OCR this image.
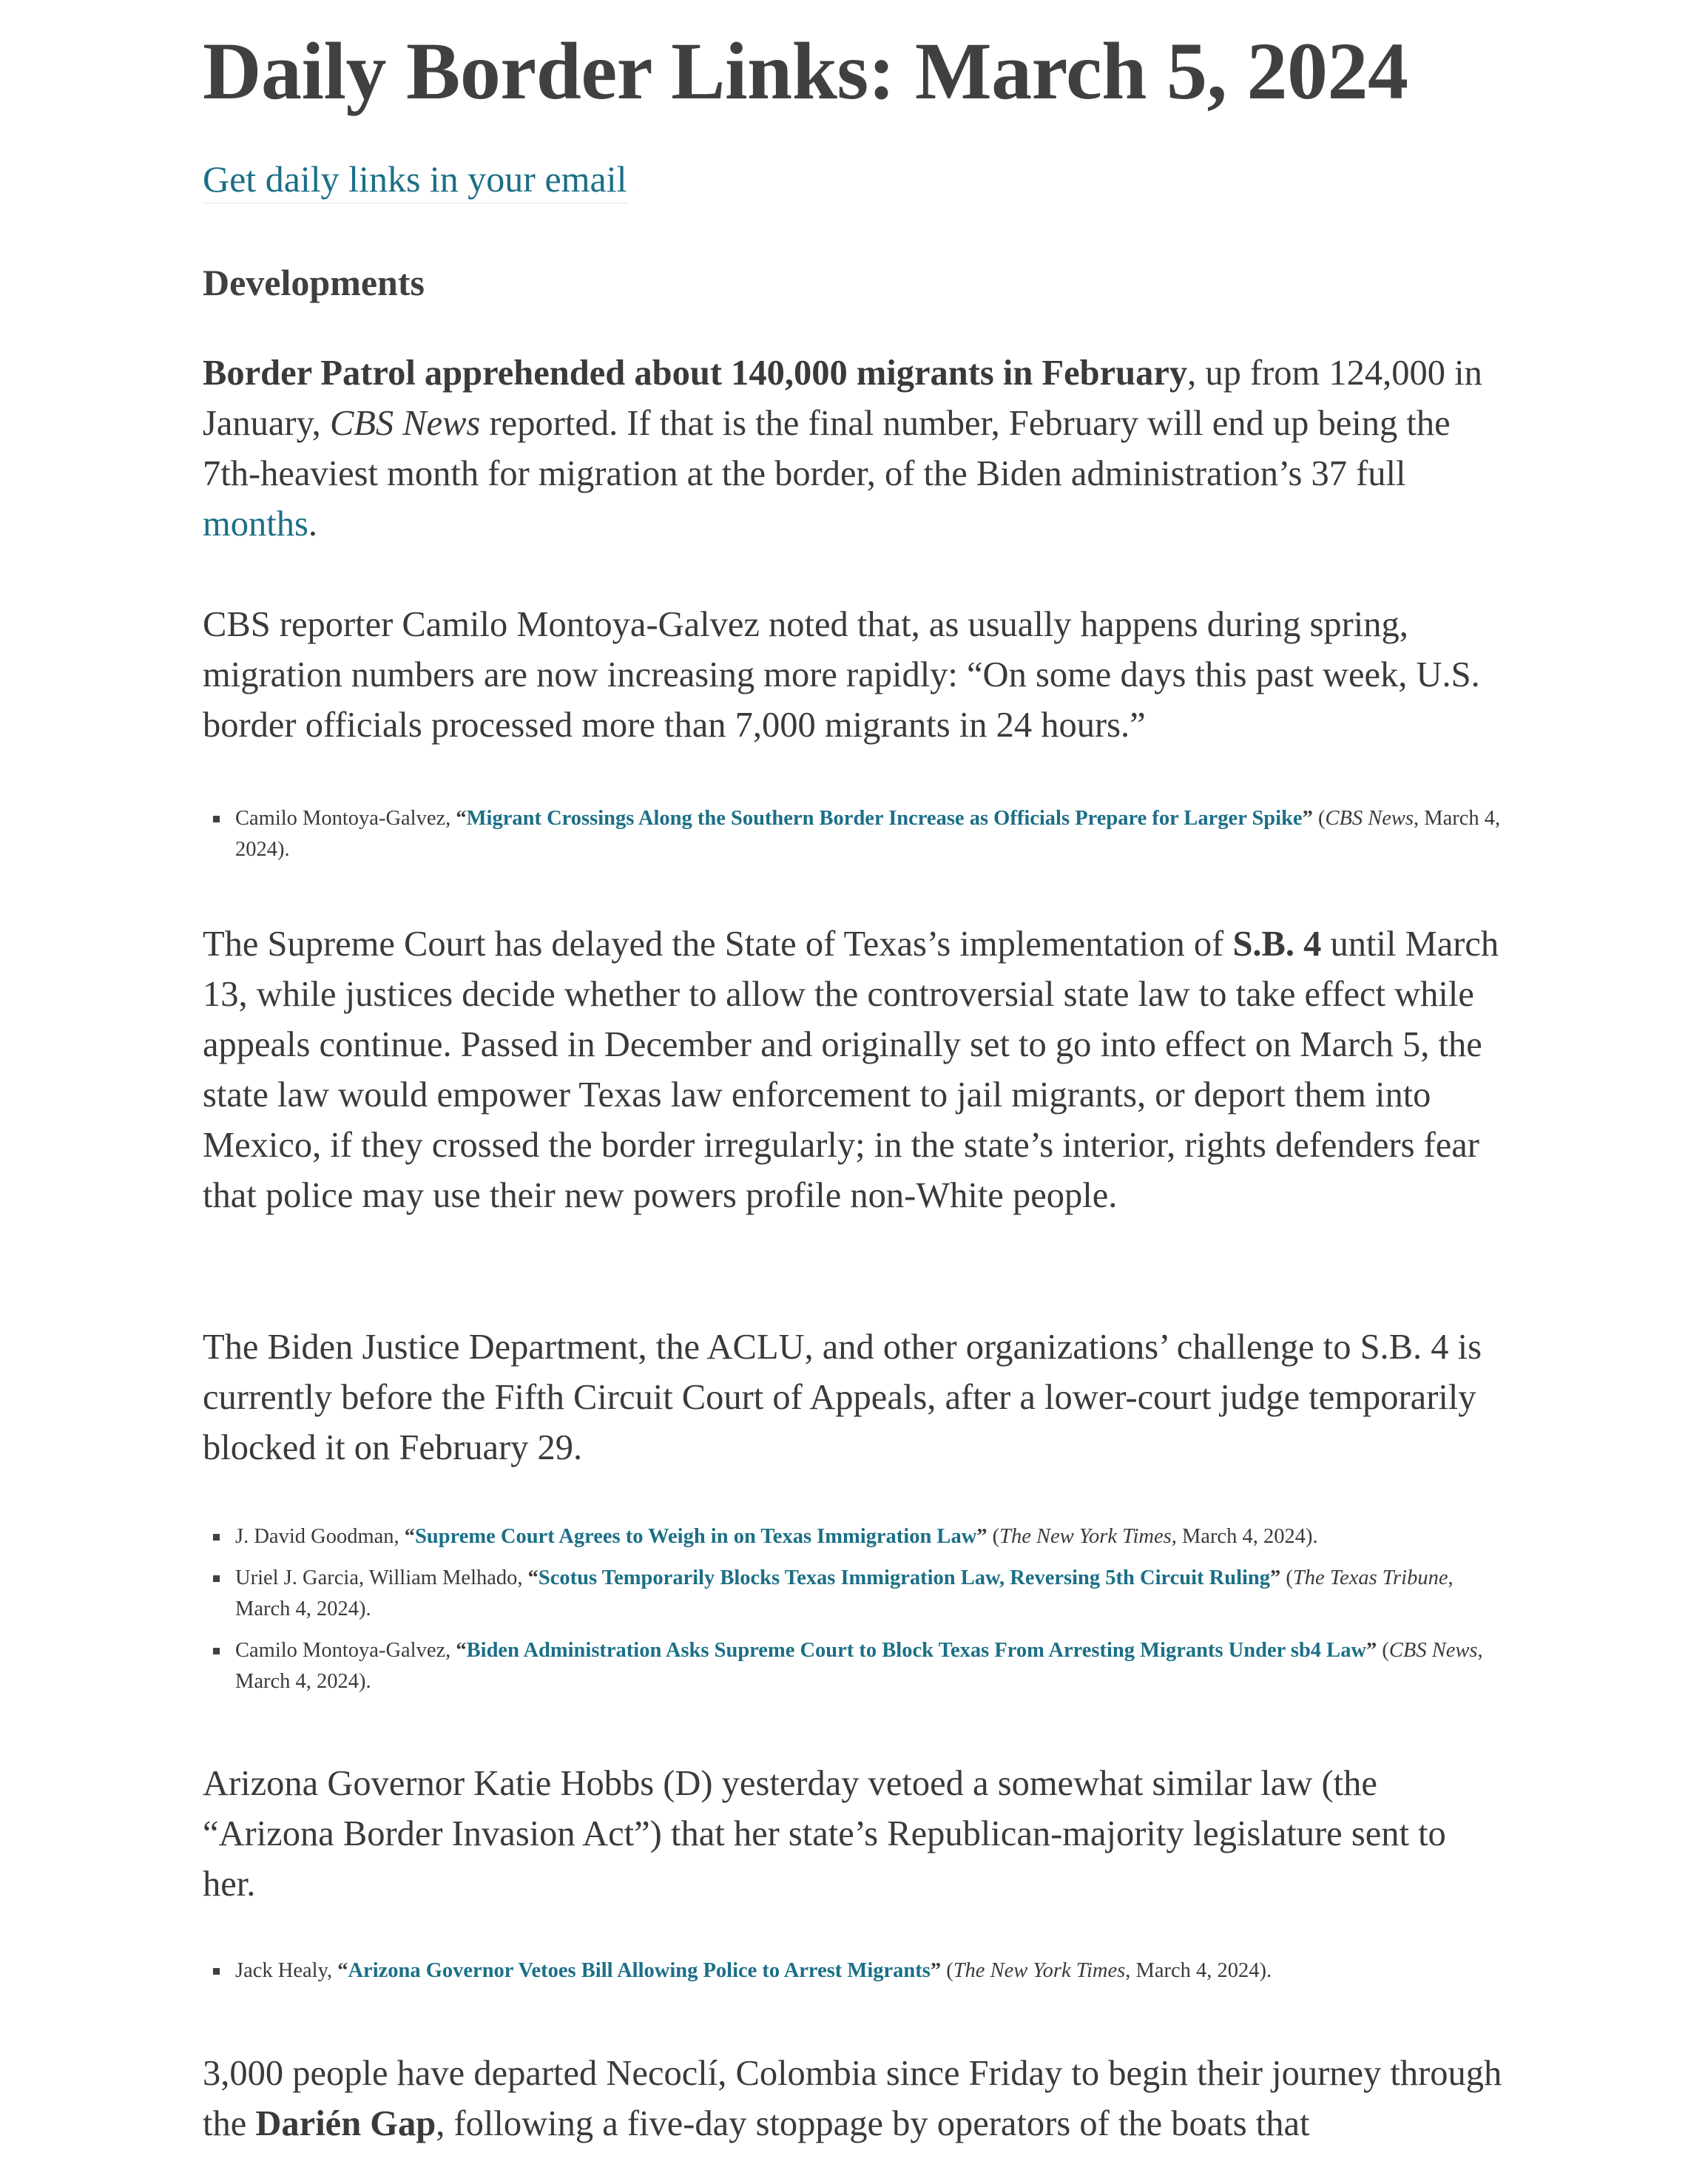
Daily Border Links: March 5, 2024
Get daily links in your email
Developments

Border Patrol apprehended about 140,000 migrants in February, up from 124,000 in January, CBS News reported. If that is the final number, February will end up being the 7th-heaviest month for migration at the border, of the Biden administration’s 37 full months.

CBS reporter Camilo Montoya-Galvez noted that, as usually happens during spring, migration numbers are now increasing more rapidly: “On some days this past week, U.S. border officials processed more than 7,000 migrants in 24 hours.”

Camilo Montoya-Galvez, “Migrant Crossings Along the Southern Border Increase as Officials Prepare for Larger Spike” (CBS News, March 4, 2024).

The Supreme Court has delayed the State of Texas’s implementation of S.B. 4 until March 13, while justices decide whether to allow the controversial state law to take effect while appeals continue. Passed in December and originally set to go into effect on March 5, the state law would empower Texas law enforcement to jail migrants, or deport them into Mexico, if they crossed the border irregularly; in the state’s interior, rights defenders fear that police may use their new powers profile non-White people.

The Biden Justice Department, the ACLU, and other organizations’ challenge to S.B. 4 is currently before the Fifth Circuit Court of Appeals, after a lower-court judge temporarily blocked it on February 29.

J. David Goodman, “Supreme Court Agrees to Weigh in on Texas Immigration Law” (The New York Times, March 4, 2024).
Uriel J. Garcia, William Melhado, “Scotus Temporarily Blocks Texas Immigration Law, Reversing 5th Circuit Ruling” (The Texas Tribune, March 4, 2024).
Camilo Montoya-Galvez, “Biden Administration Asks Supreme Court to Block Texas From Arresting Migrants Under sb4 Law” (CBS News, March 4, 2024).

Arizona Governor Katie Hobbs (D) yesterday vetoed a somewhat similar law (the “Arizona Border Invasion Act”) that her state’s Republican-majority legislature sent to her.

Jack Healy, “Arizona Governor Vetoes Bill Allowing Police to Arrest Migrants” (The New York Times, March 4, 2024).

3,000 people have departed Necoclí, Colombia since Friday to begin their journey through the Darién Gap, following a five-day stoppage by operators of the boats that
